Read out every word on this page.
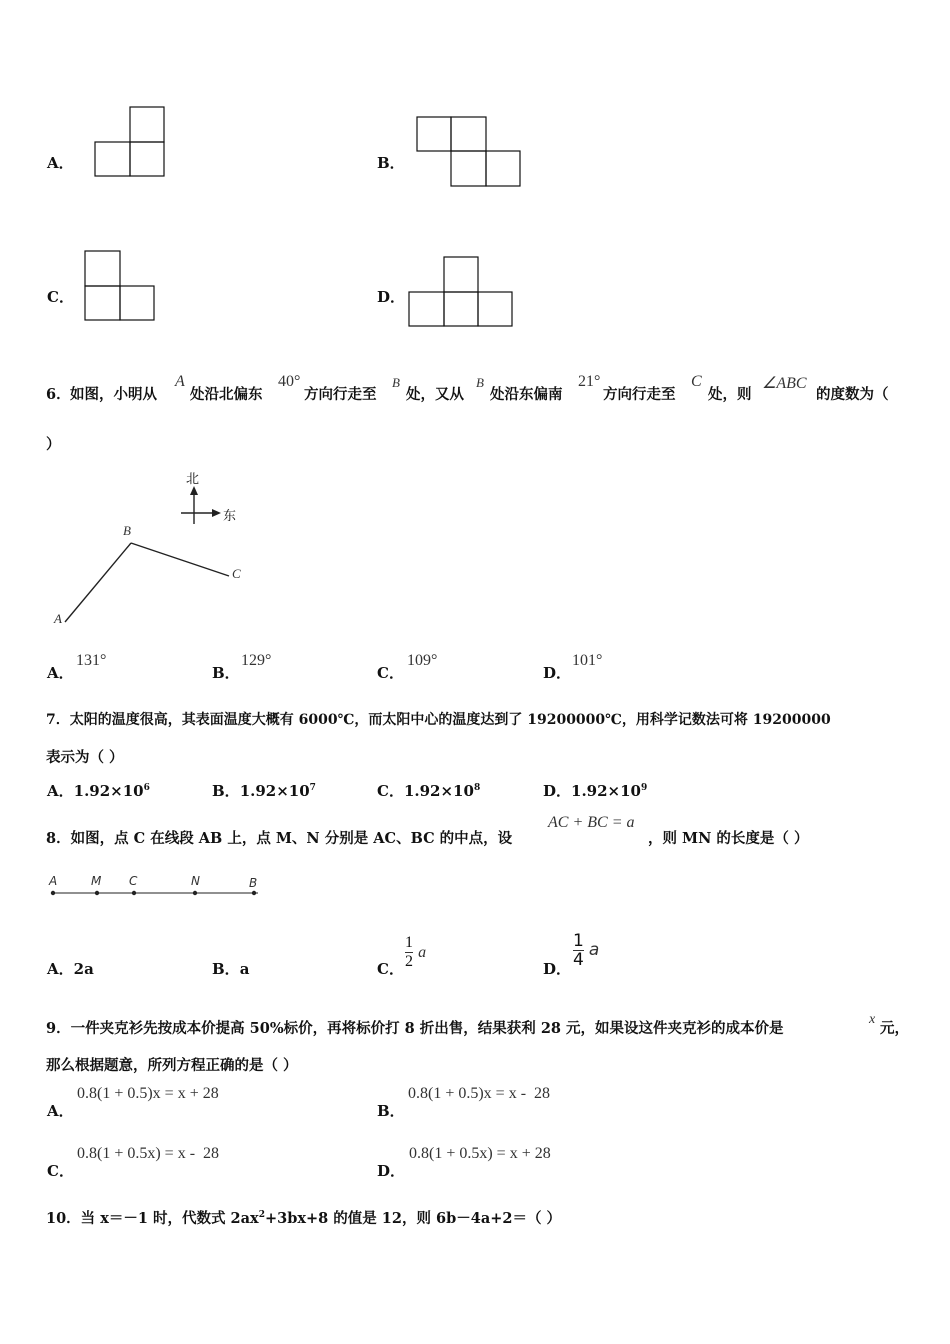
A．	B．
C．	D．
6． 如图，小明从
A
处沿北偏东
40°
方向行走至
B
处，又从
B
处沿东偏南
21°
方向行走至
C
处，则
∠ABC
的度数为（
）
北
东
B
C
A
A．
131°
B．
129°
C．
109°
D．
101°
7．太阳的温度很高，其表面温度大概有 6000℃，而太阳中心的温度达到了 19200000℃，用科学记数法可将 19200000
表示为（ ）
A．$1.92\times 10^6$	B．$1.92\times 10^7$	C．$1.92\times 10^8$	D．$1.92\times 10^9$
8．如图，点 C 在线段 AB 上，点 M、N 分别是 AC、BC 的中点，设
AC + BC = a
，则 MN 的长度是（ ）
A	M C	N	B
A．2a	B．a	C． $\frac{1}{2}$ a
D． $\frac{1}{4}$ a
9．一件夹克衫先按成本价提高 50%标价，再将标价打 8 折出售，结果获利 28 元，如果设这件夹克衫的成本价是
x
元，
那么根据题意，所列方程正确的是（ ）
A．
0.8(1 + 0.5)x = x + 28
B．
0.8(1 + 0.5)x = x -  28
C．
0.8(1 + 0.5x) = x -  28
D．
0.8(1 + 0.5x) = x + 28
10．当 x＝－1 时，代数式 $2ax^2+3bx+8$ 的值是 12，则 6b－4a+2＝（ ）
